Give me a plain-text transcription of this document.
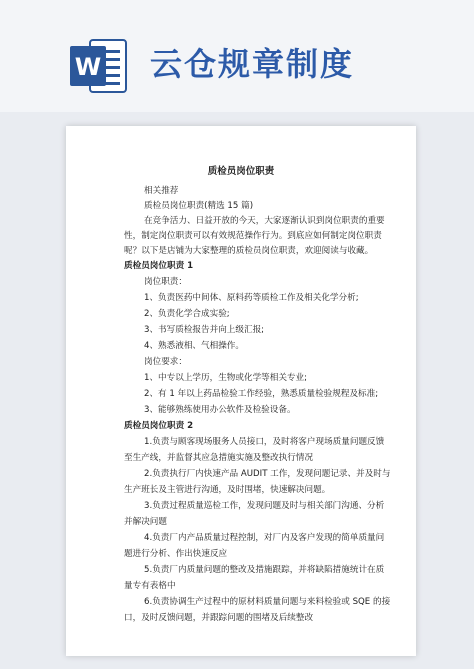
W 云仓规章制度
质检员岗位职责
相关推荐
质检员岗位职责(精选 15 篇)
在竞争活力、日益开放的今天，大家逐渐认识到岗位职责的重要
性，制定岗位职责可以有效规范操作行为。到底应如何制定岗位职责
呢？以下是店铺为大家整理的质检员岗位职责，欢迎阅读与收藏。
质检员岗位职责 1
岗位职责：
1、负责医药中间体、原料药等质检工作及相关化学分析;
2、负责化学合成实验;
3、书写质检报告并向上级汇报;
4、熟悉液相、气相操作。
岗位要求：
1、中专以上学历，生物或化学等相关专业;
2、有 1 年以上药品检验工作经验，熟悉质量检验规程及标准;
3、能够熟练使用办公软件及检验设备。
质检员岗位职责 2
1.负责与顾客现场服务人员接口，及时将客户现场质量问题反馈
至生产线，并监督其应急措施实施及整改执行情况
2.负责执行厂内快速产品 AUDIT 工作，发现问题记录、并及时与
生产班长及主管进行沟通，及时围堵，快速解决问题。
3.负责过程质量巡检工作，发现问题及时与相关部门沟通、分析
并解决问题
4.负责厂内产品质量过程控制，对厂内及客户发现的简单质量问
题进行分析、作出快速反应
5.负责厂内质量问题的整改及措施跟踪，并将缺陷措施统计在质
量专有表格中
6.负责协调生产过程中的原材料质量问题与来料检验或 SQE 的接
口，及时反馈问题，并跟踪问题的围堵及后续整改
